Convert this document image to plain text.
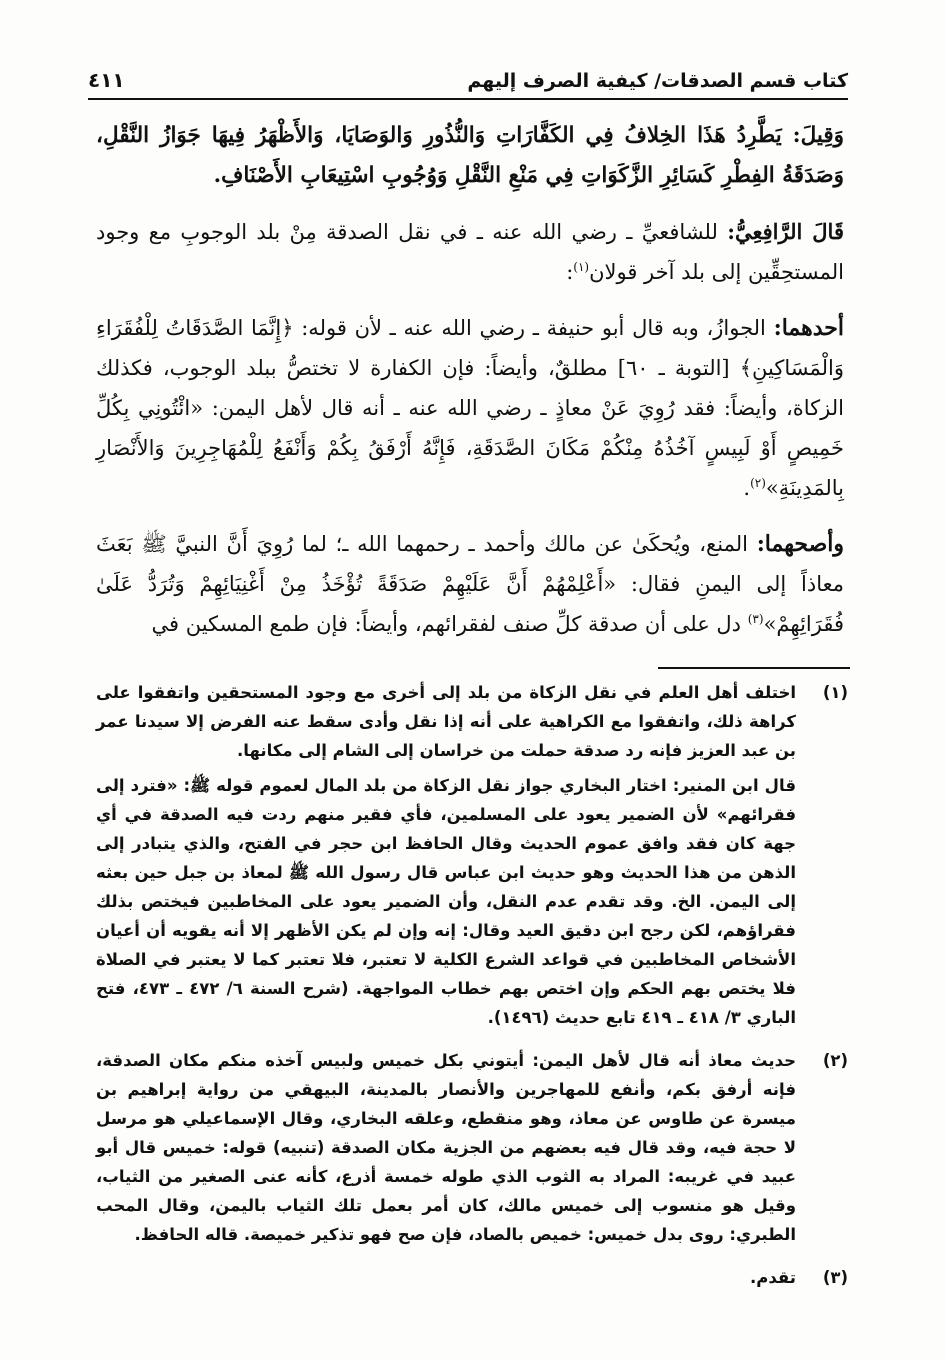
كتاب قسم الصدقات/ كيفية الصرف إليهم
٤١١

وَقِيلَ: يَطَّرِدُ هَذَا الخِلافُ فِي الكَفَّارَاتِ وَالنُّذُورِ وَالوَصَايَا، وَالأَظْهَرُ فِيهَا جَوَازُ النَّقْلِ، وَصَدَقَةُ الفِطْرِ كَسَائِرِ الزَّكَوَاتِ فِي مَنْعِ النَّقْلِ وَوُجُوبِ اسْتِيعَابِ الأَصْنَافِ.

قَالَ الرَّافِعِيُّ: للشافعيِّ ـ رضي الله عنه ـ في نقل الصدقة مِنْ بلد الوجوبِ مع وجود المستحِقِّين إلى بلد آخر قولان$^{(١)}$:

أحدهما: الجوازُ، وبه قال أبو حنيفة ـ رضي الله عنه ـ لأن قوله: ﴿إِنَّمَا الصَّدَقَاتُ لِلْفُقَرَاءِ وَالْمَسَاكِينِ﴾ [التوبة ـ ٦٠] مطلقٌ، وأيضاً: فإن الكفارة لا تختصُّ ببلد الوجوب، فكذلك الزكاة، وأيضاً: فقد رُوِيَ عَنْ معاذٍ ـ رضي الله عنه ـ أنه قال لأهل اليمن: «ائْتُونِي بِكُلِّ خَمِيصٍ أَوْ لَبِيسٍ آخُذُهُ مِنْكُمْ مَكَانَ الصَّدَقَةِ، فَإِنَّهُ أَرْفَقُ بِكُمْ وَأَنْفَعُ لِلْمُهَاجِرِينَ وَالأَنْصَارِ بِالمَدِينَةِ»$^{(٢)}$.

وأصحهما: المنع، ويُحكَىٰ عن مالك وأحمد ـ رحمهما الله ـ؛ لما رُوِيَ أَنَّ النبيَّ ﷺ بَعَثَ معاذاً إلى اليمنِ فقال: «أَعْلِمْهُمْ أَنَّ عَلَيْهِمْ صَدَقَةً تُؤْخَذُ مِنْ أَغْنِيَائِهِمْ وَتُرَدُّ عَلَىٰ فُقَرَائِهِمْ»$^{(٣)}$ دل على أن صدقة كلِّ صنف لفقرائهم، وأيضاً: فإن طمع المسكين في

(١)

اختلف أهل العلم في نقل الزكاة من بلد إلى أخرى مع وجود المستحقين واتفقوا على كراهة ذلك، واتفقوا مع الكراهية على أنه إذا نقل وأدى سقط عنه الفرض إلا سيدنا عمر بن عبد العزيز فإنه رد صدقة حملت من خراسان إلى الشام إلى مكانها.

قال ابن المنير: اختار البخاري جواز نقل الزكاة من بلد المال لعموم قوله ﷺ: «فترد إلى فقرائهم» لأن الضمير يعود على المسلمين، فأي فقير منهم ردت فيه الصدقة في أي جهة كان فقد وافق عموم الحديث وقال الحافظ ابن حجر في الفتح، والذي يتبادر إلى الذهن من هذا الحديث وهو حديث ابن عباس قال رسول الله ﷺ لمعاذ بن جبل حين بعثه إلى اليمن. الخ. وقد تقدم عدم النقل، وأن الضمير يعود على المخاطبين فيختص بذلك فقراؤهم، لكن رجح ابن دقيق العيد وقال: إنه وإن لم يكن الأظهر إلا أنه يقويه أن أعيان الأشخاص المخاطبين في قواعد الشرع الكلية لا تعتبر، فلا تعتبر كما لا يعتبر في الصلاة فلا يختص بهم الحكم وإن اختص بهم خطاب المواجهة. (شرح السنة ٦/ ٤٧٢ ـ ٤٧٣، فتح الباري ٣/ ٤١٨ ـ ٤١٩ تابع حديث (١٤٩٦).

(٢)

حديث معاذ أنه قال لأهل اليمن: أيتوني بكل خميس ولبيس آخذه منكم مكان الصدقة، فإنه أرفق بكم، وأنفع للمهاجرين والأنصار بالمدينة، البيهقي من رواية إبراهيم بن ميسرة عن طاوس عن معاذ، وهو منقطع، وعلقه البخاري، وقال الإسماعيلي هو مرسل لا حجة فيه، وقد قال فيه بعضهم من الجزية مكان الصدقة (تنبيه) قوله: خميس قال أبو عبيد في غريبه: المراد به الثوب الذي طوله خمسة أذرع، كأنه عنى الصغير من الثياب، وقيل هو منسوب إلى خميس مالك، كان أمر بعمل تلك الثياب باليمن، وقال المحب الطبري: روى بدل خميس: خميص بالصاد، فإن صح فهو تذكير خميصة. قاله الحافظ.

(٣)

تقدم.
